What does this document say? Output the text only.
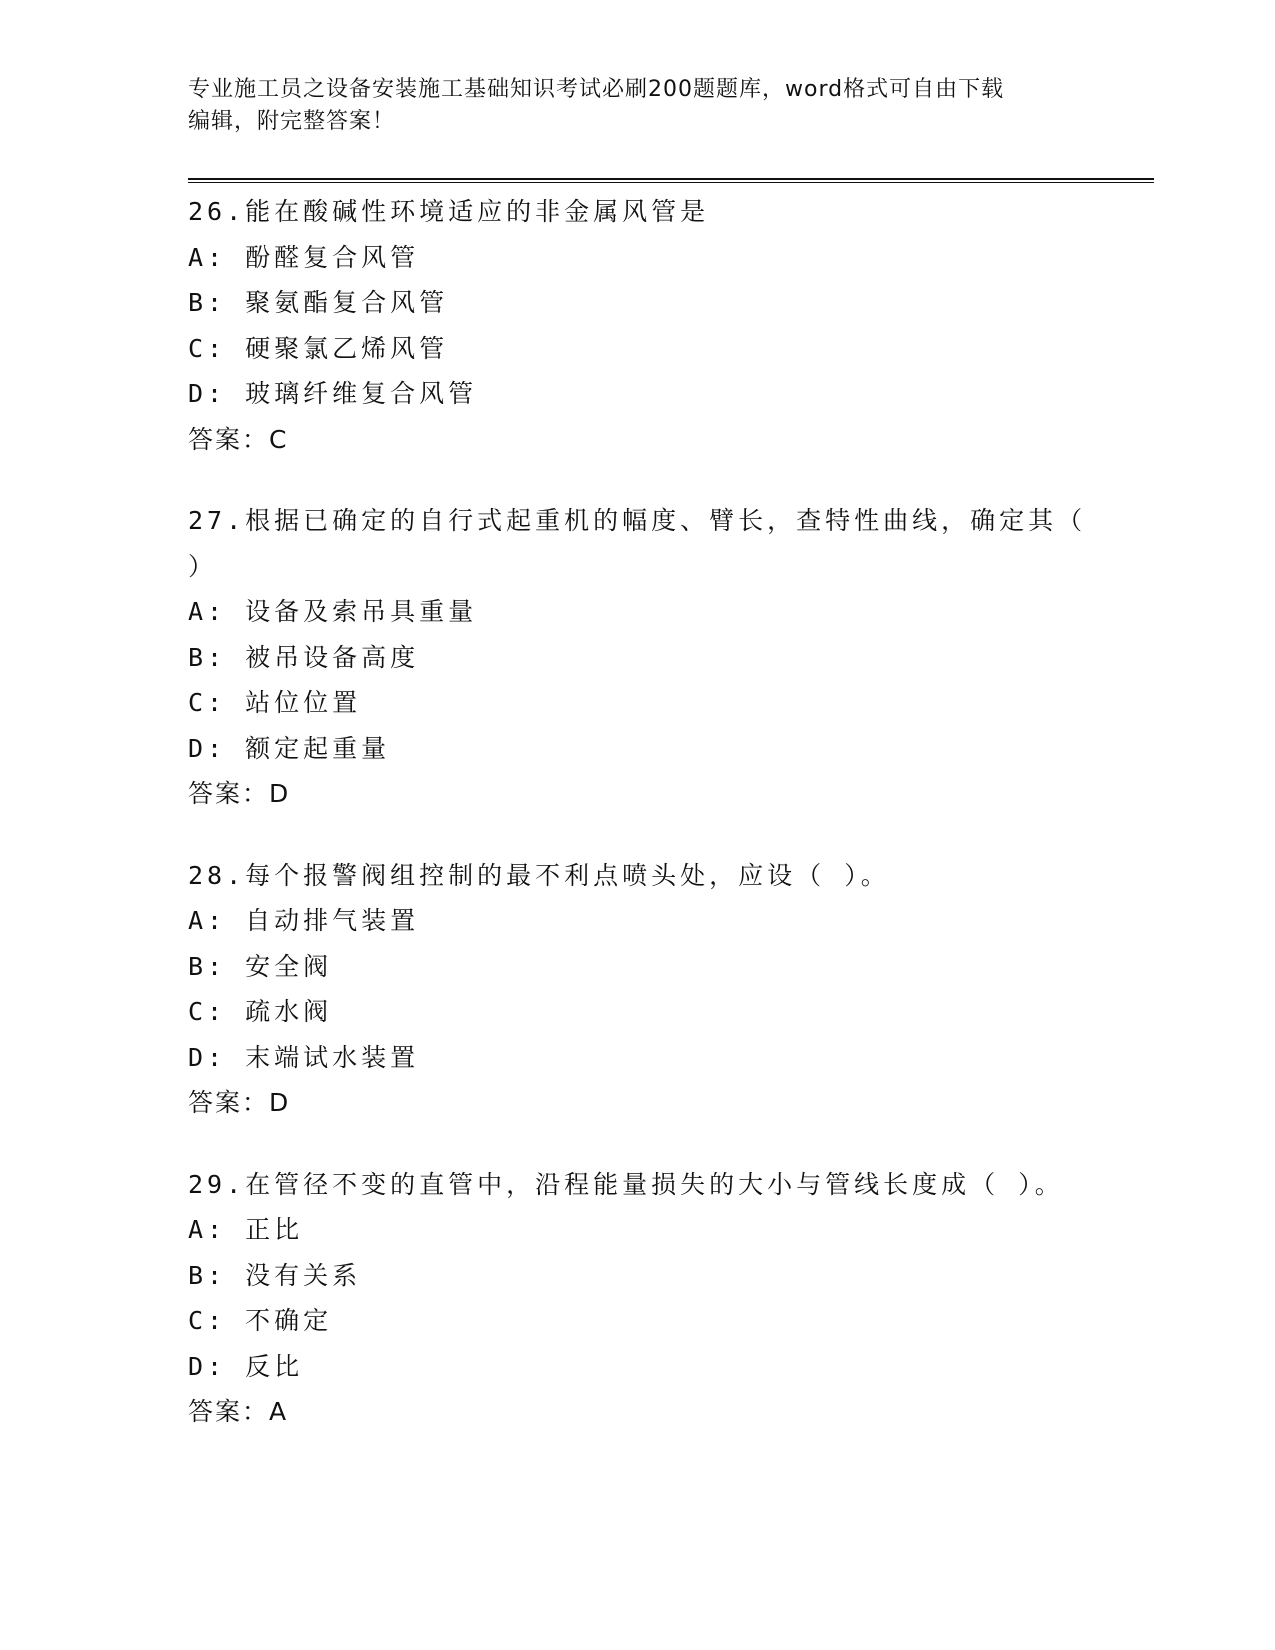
专业施工员之设备安装施工基础知识考试必刷200题题库，word格式可自由下载
编辑，附完整答案！
26.能在酸碱性环境适应的非金属风管是
A: 酚醛复合风管
B: 聚氨酯复合风管
C: 硬聚氯乙烯风管
D: 玻璃纤维复合风管
答案：C
27.根据已确定的自行式起重机的幅度、臂长，查特性曲线，确定其（
）
A: 设备及索吊具重量
B: 被吊设备高度
C: 站位位置
D: 额定起重量
答案：D
28.每个报警阀组控制的最不利点喷头处，应设（ ）。
A: 自动排气装置
B: 安全阀
C: 疏水阀
D: 末端试水装置
答案：D
29.在管径不变的直管中，沿程能量损失的大小与管线长度成（ ）。
A: 正比
B: 没有关系
C: 不确定
D: 反比
答案：A
